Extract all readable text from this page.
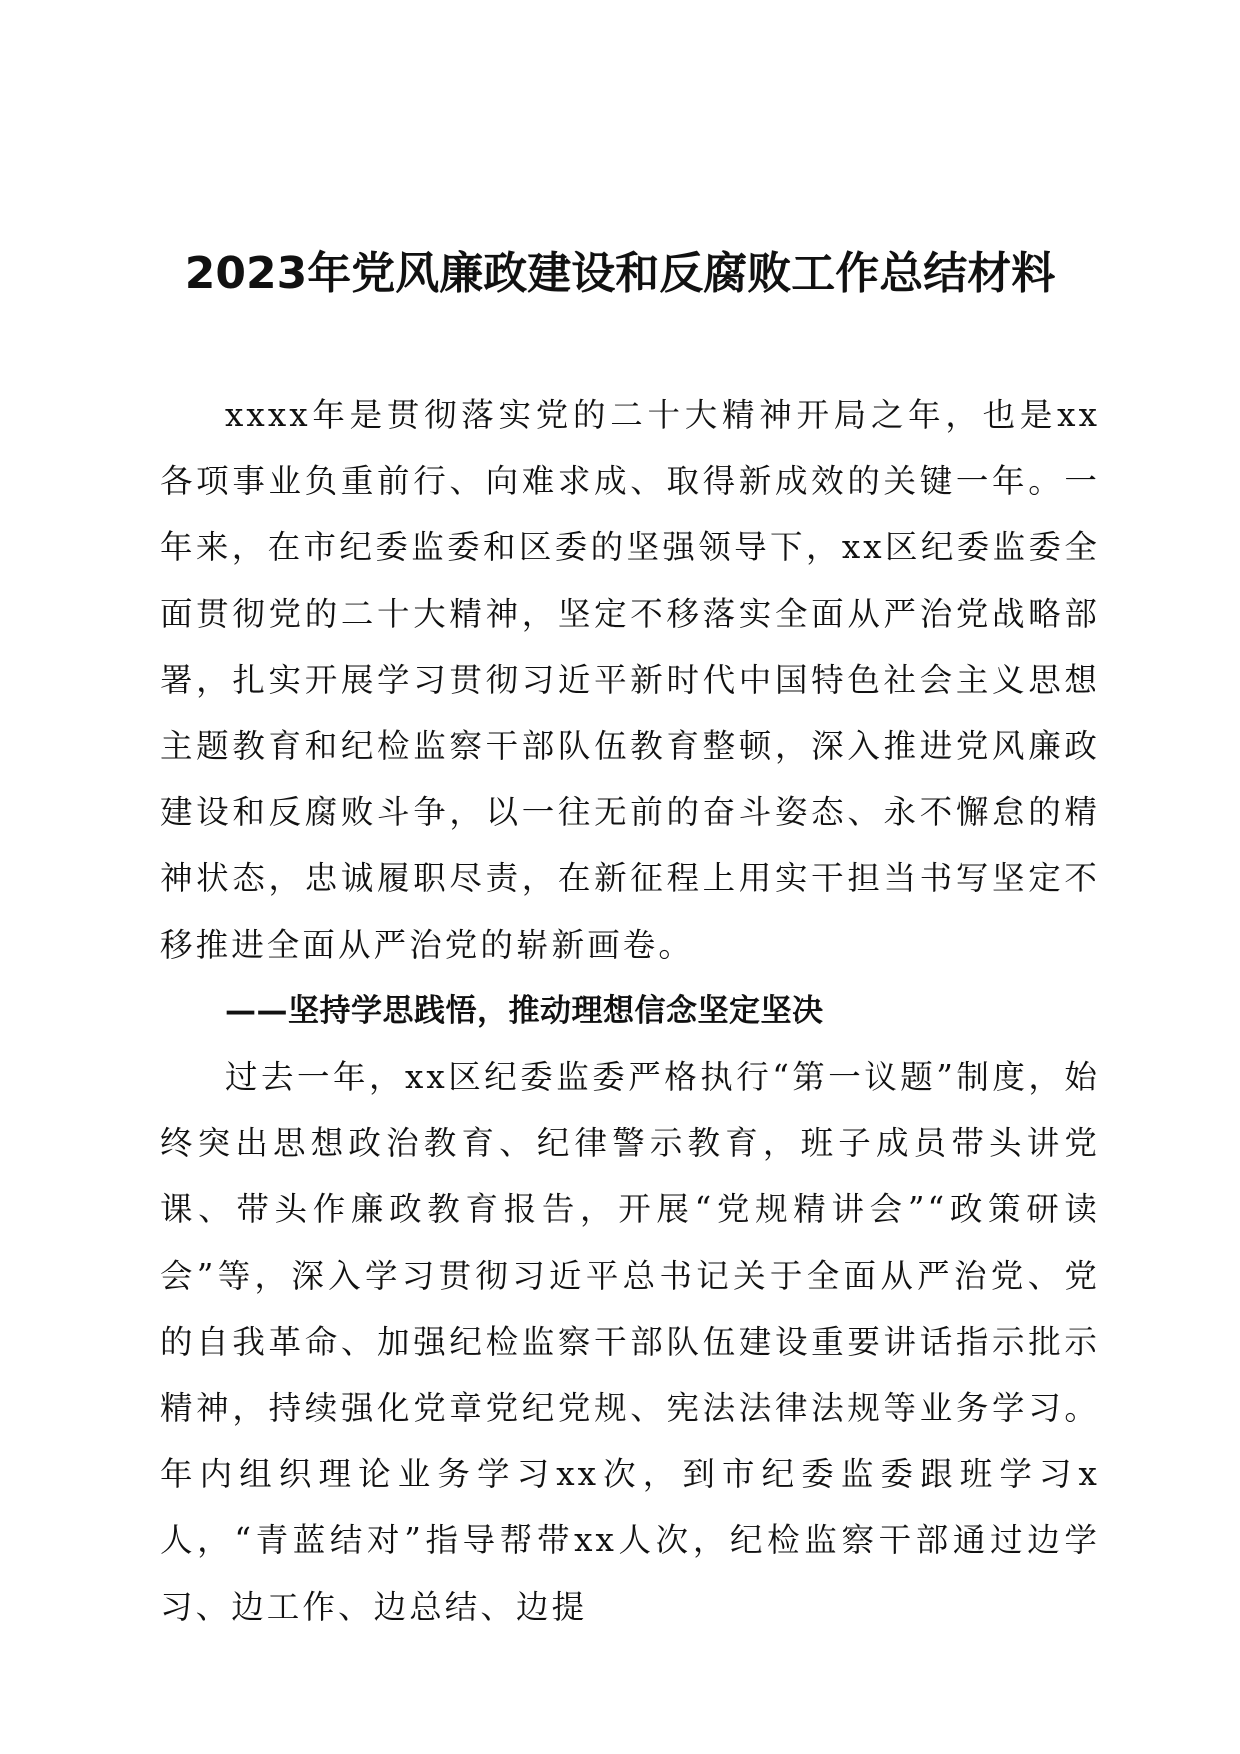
2023年党风廉政建设和反腐败工作总结材料

xxxx年是贯彻落实党的二十大精神开局之年，也是xx各项事业负重前行、向难求成、取得新成效的关键一年。一年来，在市纪委监委和区委的坚强领导下，xx区纪委监委全面贯彻党的二十大精神，坚定不移落实全面从严治党战略部署，扎实开展学习贯彻习近平新时代中国特色社会主义思想主题教育和纪检监察干部队伍教育整顿，深入推进党风廉政建设和反腐败斗争，以一往无前的奋斗姿态、永不懈怠的精神状态，忠诚履职尽责，在新征程上用实干担当书写坚定不移推进全面从严治党的崭新画卷。

——坚持学思践悟，推动理想信念坚定坚决

过去一年，xx区纪委监委严格执行“第一议题”制度，始终突出思想政治教育、纪律警示教育，班子成员带头讲党课、带头作廉政教育报告，开展“党规精讲会”“政策研读会”等，深入学习贯彻习近平总书记关于全面从严治党、党的自我革命、加强纪检监察干部队伍建设重要讲话指示批示精神，持续强化党章党纪党规、宪法法律法规等业务学习。年内组织理论业务学习xx次，到市纪委监委跟班学习x人，“青蓝结对”指导帮带xx人次，纪检监察干部通过边学习、边工作、边总结、边提
